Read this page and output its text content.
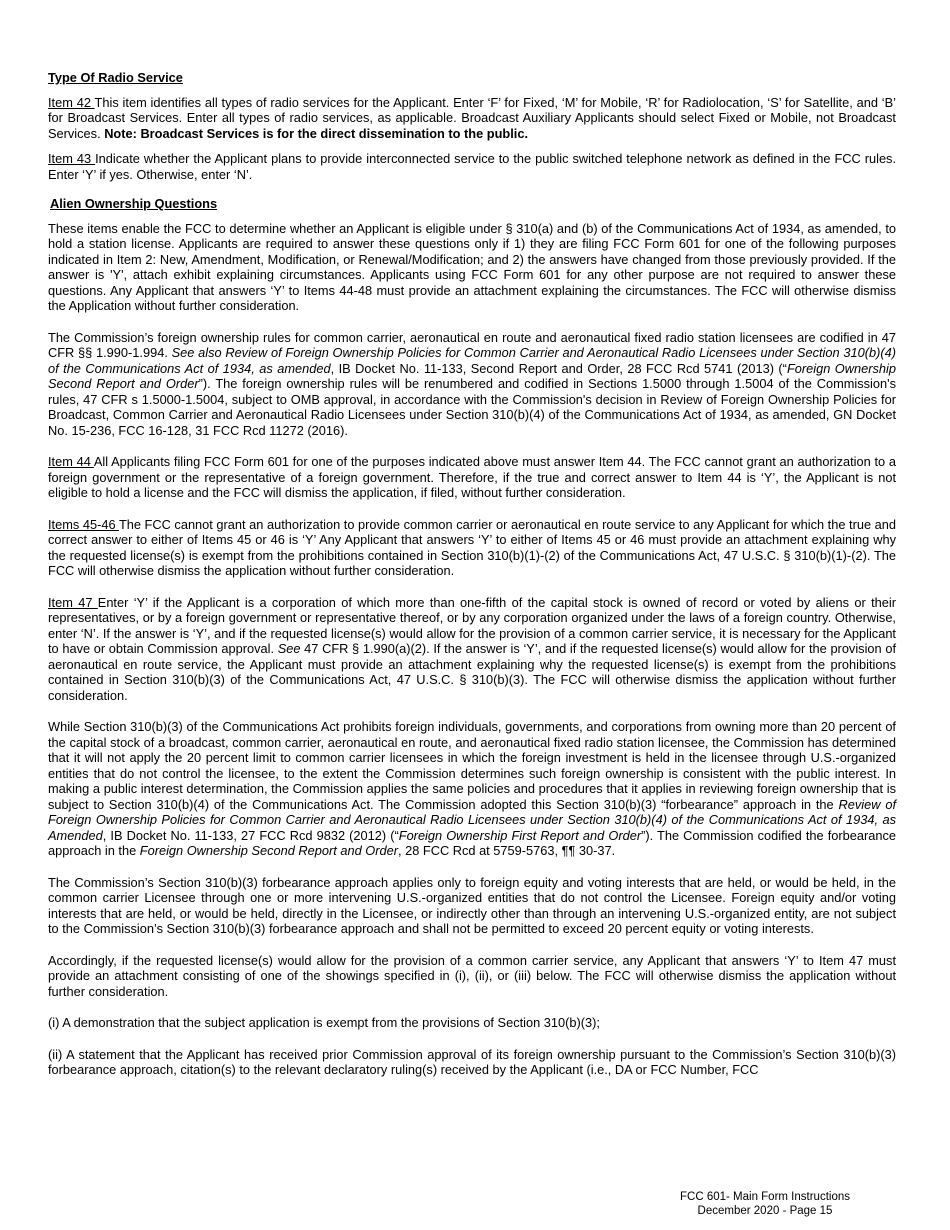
Type Of Radio Service

Item 42 This item identifies all types of radio services for the Applicant. Enter ‘F’ for Fixed, ‘M’ for Mobile, ‘R’ for Radiolocation, ‘S’ for Satellite, and ‘B’ for Broadcast Services. Enter all types of radio services, as applicable. Broadcast Auxiliary Applicants should select Fixed or Mobile, not Broadcast Services. Note: Broadcast Services is for the direct dissemination to the public.

Item 43 Indicate whether the Applicant plans to provide interconnected service to the public switched telephone network as defined in the FCC rules. Enter ‘Y’ if yes. Otherwise, enter ‘N’.

Alien Ownership Questions

These items enable the FCC to determine whether an Applicant is eligible under § 310(a) and (b) of the Communications Act of 1934, as amended, to hold a station license. Applicants are required to answer these questions only if 1) they are filing FCC Form 601 for one of the following purposes indicated in Item 2: New, Amendment, Modification, or Renewal/Modification; and 2) the answers have changed from those previously provided. If the answer is 'Y', attach exhibit explaining circumstances. Applicants using FCC Form 601 for any other purpose are not required to answer these questions. Any Applicant that answers ‘Y’ to Items 44-48 must provide an attachment explaining the circumstances. The FCC will otherwise dismiss the Application without further consideration.

The Commission’s foreign ownership rules for common carrier, aeronautical en route and aeronautical fixed radio station licensees are codified in 47 CFR §§ 1.990-1.994. See also Review of Foreign Ownership Policies for Common Carrier and Aeronautical Radio Licensees under Section 310(b)(4) of the Communications Act of 1934, as amended, IB Docket No. 11-133, Second Report and Order, 28 FCC Rcd 5741 (2013) (“Foreign Ownership Second Report and Order”). The foreign ownership rules will be renumbered and codified in Sections 1.5000 through 1.5004 of the Commission's rules, 47 CFR s 1.5000-1.5004, subject to OMB approval, in accordance with the Commission's decision in Review of Foreign Ownership Policies for Broadcast, Common Carrier and Aeronautical Radio Licensees under Section 310(b)(4) of the Communications Act of 1934, as amended, GN Docket No. 15-236, FCC 16-128, 31 FCC Rcd 11272 (2016).

Item 44 All Applicants filing FCC Form 601 for one of the purposes indicated above must answer Item 44. The FCC cannot grant an authorization to a foreign government or the representative of a foreign government. Therefore, if the true and correct answer to Item 44 is ‘Y’, the Applicant is not eligible to hold a license and the FCC will dismiss the application, if filed, without further consideration.

Items 45-46 The FCC cannot grant an authorization to provide common carrier or aeronautical en route service to any Applicant for which the true and correct answer to either of Items 45 or 46 is ‘Y’ Any Applicant that answers ‘Y’ to either of Items 45 or 46 must provide an attachment explaining why the requested license(s) is exempt from the prohibitions contained in Section 310(b)(1)-(2) of the Communications Act, 47 U.S.C. § 310(b)(1)-(2). The FCC will otherwise dismiss the application without further consideration.

Item 47 Enter ‘Y’ if the Applicant is a corporation of which more than one-fifth of the capital stock is owned of record or voted by aliens or their representatives, or by a foreign government or representative thereof, or by any corporation organized under the laws of a foreign country. Otherwise, enter ‘N’. If the answer is ‘Y’, and if the requested license(s) would allow for the provision of a common carrier service, it is necessary for the Applicant to have or obtain Commission approval. See 47 CFR § 1.990(a)(2). If the answer is ‘Y’, and if the requested license(s) would allow for the provision of aeronautical en route service, the Applicant must provide an attachment explaining why the requested license(s) is exempt from the prohibitions contained in Section 310(b)(3) of the Communications Act, 47 U.S.C. § 310(b)(3). The FCC will otherwise dismiss the application without further consideration.

While Section 310(b)(3) of the Communications Act prohibits foreign individuals, governments, and corporations from owning more than 20 percent of the capital stock of a broadcast, common carrier, aeronautical en route, and aeronautical fixed radio station licensee, the Commission has determined that it will not apply the 20 percent limit to common carrier licensees in which the foreign investment is held in the licensee through U.S.-organized entities that do not control the licensee, to the extent the Commission determines such foreign ownership is consistent with the public interest. In making a public interest determination, the Commission applies the same policies and procedures that it applies in reviewing foreign ownership that is subject to Section 310(b)(4) of the Communications Act. The Commission adopted this Section 310(b)(3) “forbearance” approach in the Review of Foreign Ownership Policies for Common Carrier and Aeronautical Radio Licensees under Section 310(b)(4) of the Communications Act of 1934, as Amended, IB Docket No. 11-133, 27 FCC Rcd 9832 (2012) (“Foreign Ownership First Report and Order”). The Commission codified the forbearance approach in the Foreign Ownership Second Report and Order, 28 FCC Rcd at 5759-5763, ¶¶ 30-37.

The Commission’s Section 310(b)(3) forbearance approach applies only to foreign equity and voting interests that are held, or would be held, in the common carrier Licensee through one or more intervening U.S.-organized entities that do not control the Licensee. Foreign equity and/or voting interests that are held, or would be held, directly in the Licensee, or indirectly other than through an intervening U.S.-organized entity, are not subject to the Commission’s Section 310(b)(3) forbearance approach and shall not be permitted to exceed 20 percent equity or voting interests.

Accordingly, if the requested license(s) would allow for the provision of a common carrier service, any Applicant that answers ‘Y’ to Item 47 must provide an attachment consisting of one of the showings specified in (i), (ii), or (iii) below. The FCC will otherwise dismiss the application without further consideration.

(i) A demonstration that the subject application is exempt from the provisions of Section 310(b)(3);

(ii) A statement that the Applicant has received prior Commission approval of its foreign ownership pursuant to the Commission’s Section 310(b)(3) forbearance approach, citation(s) to the relevant declaratory ruling(s) received by the Applicant (i.e., DA or FCC Number, FCC

FCC 601- Main Form Instructions
December 2020 - Page 15
